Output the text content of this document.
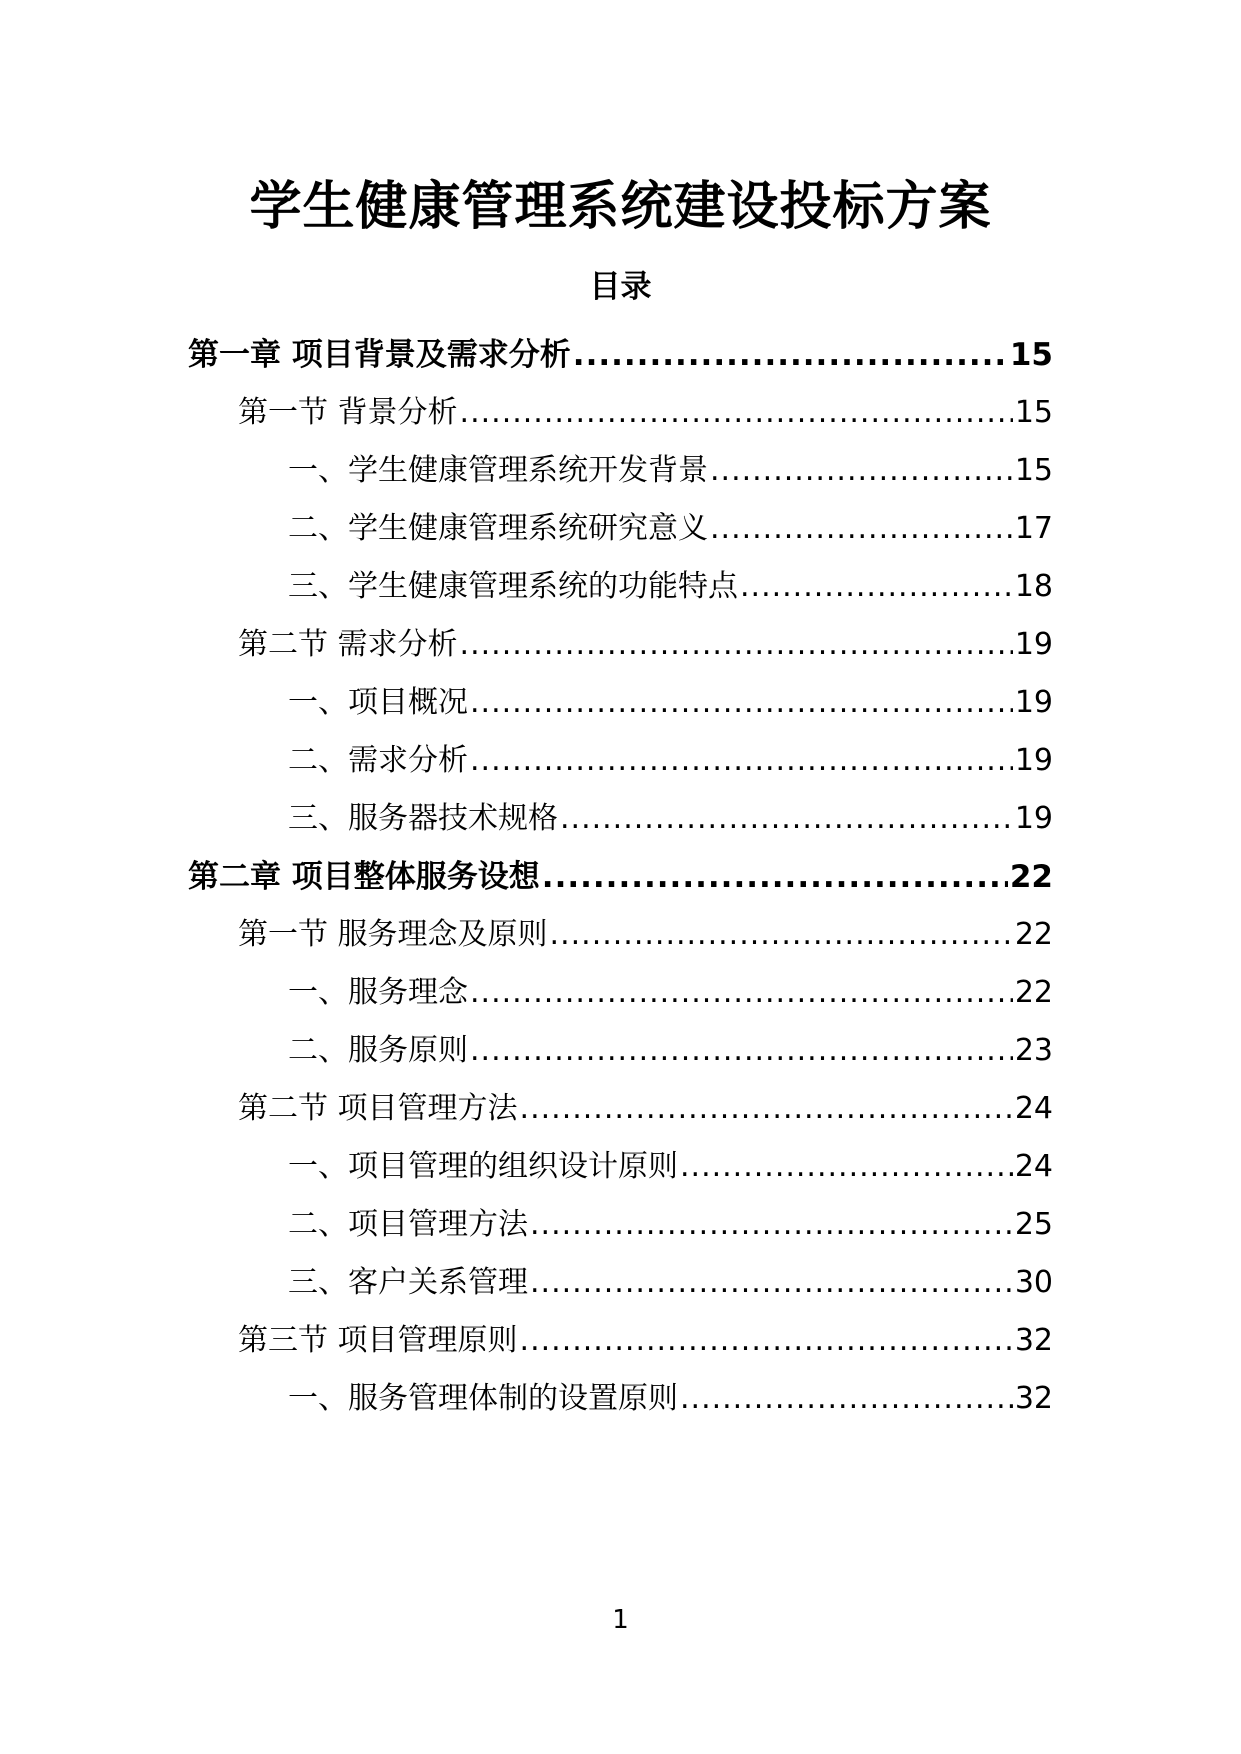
学生健康管理系统建设投标方案
目录
第一章 项目背景及需求分析 .....	15
第一节 背景分析 .....	15
一、学生健康管理系统开发背景 .....	15
二、学生健康管理系统研究意义 .....	17
三、学生健康管理系统的功能特点 .....	18
第二节 需求分析 .....	19
一、项目概况 .....	19
二、需求分析 .....	19
三、服务器技术规格 .....	19
第二章 项目整体服务设想 .....	22
第一节 服务理念及原则 .....	22
一、服务理念 .....	22
二、服务原则 .....	23
第二节 项目管理方法 .....	24
一、项目管理的组织设计原则 .....	24
二、项目管理方法 .....	25
三、客户关系管理 .....	30
第三节 项目管理原则 .....	32
一、服务管理体制的设置原则 .....	32
1
